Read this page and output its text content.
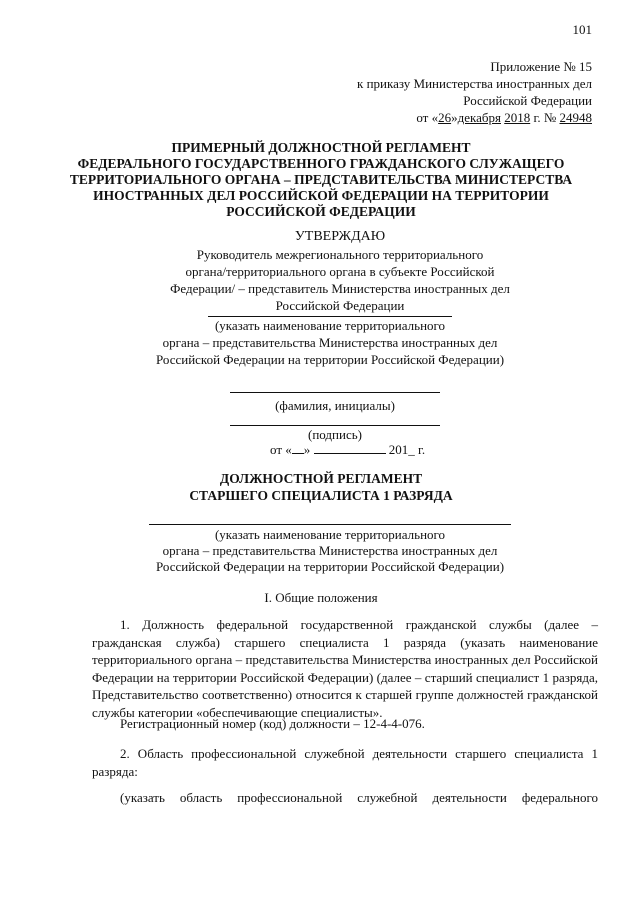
101
Приложение № 15
к приказу Министерства иностранных дел
Российской Федерации
от «26»декабря 2018 г. № 24948
ПРИМЕРНЫЙ ДОЛЖНОСТНОЙ РЕГЛАМЕНТ
ФЕДЕРАЛЬНОГО ГОСУДАРСТВЕННОГО ГРАЖДАНСКОГО СЛУЖАЩЕГО
ТЕРРИТОРИАЛЬНОГО ОРГАНА – ПРЕДСТАВИТЕЛЬСТВА МИНИСТЕРСТВА
ИНОСТРАННЫХ ДЕЛ РОССИЙСКОЙ ФЕДЕРАЦИИ НА ТЕРРИТОРИИ
РОССИЙСКОЙ ФЕДЕРАЦИИ
УТВЕРЖДАЮ
Руководитель межрегионального территориального
органа/территориального органа в субъекте Российской
Федерации/ – представитель Министерства иностранных дел
Российской Федерации
(указать наименование территориального
органа – представительства Министерства иностранных дел
Российской Федерации на территории Российской Федерации)
(фамилия, инициалы)
(подпись)
от « »	201_ г.
ДОЛЖНОСТНОЙ РЕГЛАМЕНТ
СТАРШЕГО СПЕЦИАЛИСТА 1 РАЗРЯДА
(указать наименование территориального
органа – представительства Министерства иностранных дел
Российской Федерации на территории Российской Федерации)
I. Общие положения
1. Должность федеральной государственной гражданской службы (далее – гражданская служба) старшего специалиста 1 разряда (указать наименование территориального органа – представительства Министерства иностранных дел Российской Федерации на территории Российской Федерации) (далее – старший специалист 1 разряда, Представительство соответственно) относится к старшей группе должностей гражданской службы категории «обеспечивающие специалисты».
Регистрационный номер (код) должности – 12-4-4-076.
2. Область профессиональной служебной деятельности старшего специалиста 1 разряда:
(указать область профессиональной служебной деятельности федерального
